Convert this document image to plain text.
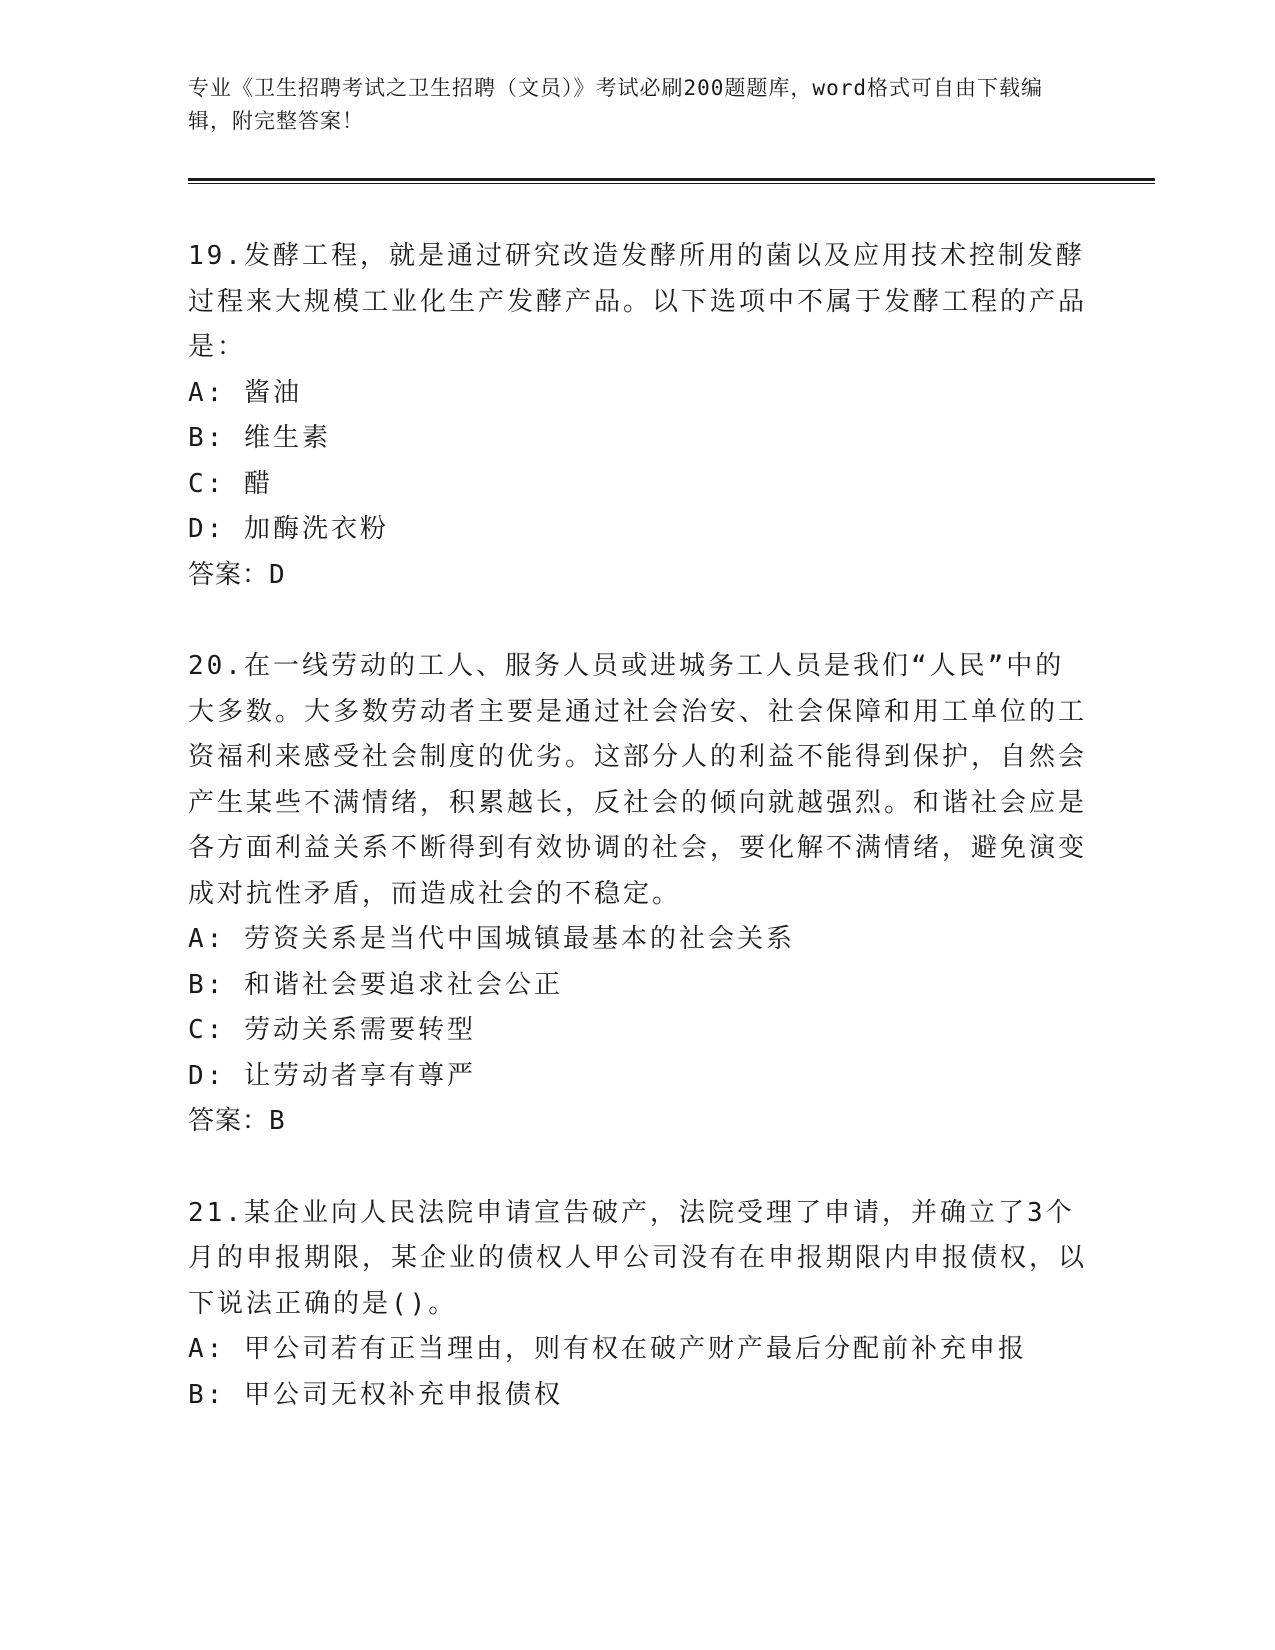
专业《卫生招聘考试之卫生招聘（文员）》考试必刷200题题库，word格式可自由下载编辑，附完整答案！

19.发酵工程，就是通过研究改造发酵所用的菌以及应用技术控制发酵过程来大规模工业化生产发酵产品。以下选项中不属于发酵工程的产品是：

A: 酱油

B: 维生素

C: 醋

D: 加酶洗衣粉

答案：D

20.在一线劳动的工人、服务人员或进城务工人员是我们“人民”中的大多数。大多数劳动者主要是通过社会治安、社会保障和用工单位的工资福利来感受社会制度的优劣。这部分人的利益不能得到保护，自然会产生某些不满情绪，积累越长，反社会的倾向就越强烈。和谐社会应是各方面利益关系不断得到有效协调的社会，要化解不满情绪，避免演变成对抗性矛盾，而造成社会的不稳定。

A: 劳资关系是当代中国城镇最基本的社会关系

B: 和谐社会要追求社会公正

C: 劳动关系需要转型

D: 让劳动者享有尊严

答案：B

21.某企业向人民法院申请宣告破产，法院受理了申请，并确立了3个月的申报期限，某企业的债权人甲公司没有在申报期限内申报债权，以下说法正确的是()。

A: 甲公司若有正当理由，则有权在破产财产最后分配前补充申报

B: 甲公司无权补充申报债权
